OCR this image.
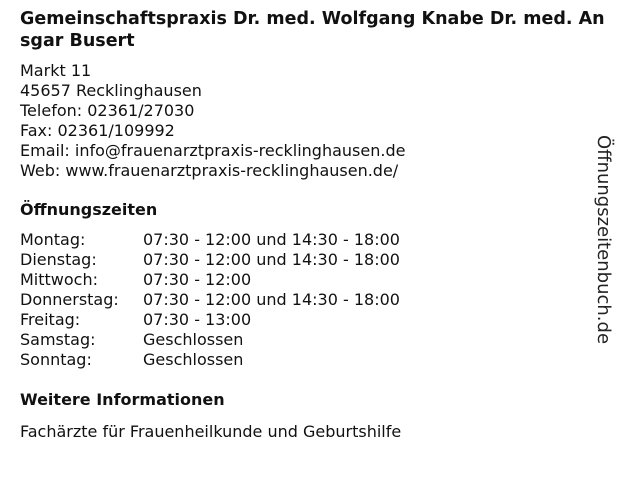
Gemeinschaftspraxis Dr. med. Wolfgang Knabe Dr. med. Ansgar Busert
Markt 11
45657 Recklinghausen
Telefon: 02361/27030
Fax: 02361/109992
Email: info@frauenarztpraxis-recklinghausen.de
Web: www.frauenarztpraxis-recklinghausen.de/
Öffnungszeiten
Montag:	07:30 - 12:00 und 14:30 - 18:00
Dienstag:	07:30 - 12:00 und 14:30 - 18:00
Mittwoch:	07:30 - 12:00
Donnerstag:	07:30 - 12:00 und 14:30 - 18:00
Freitag:	07:30 - 13:00
Samstag:	Geschlossen
Sonntag:	Geschlossen
Weitere Informationen
Fachärzte für Frauenheilkunde und Geburtshilfe
Öffnungszeitenbuch.de
